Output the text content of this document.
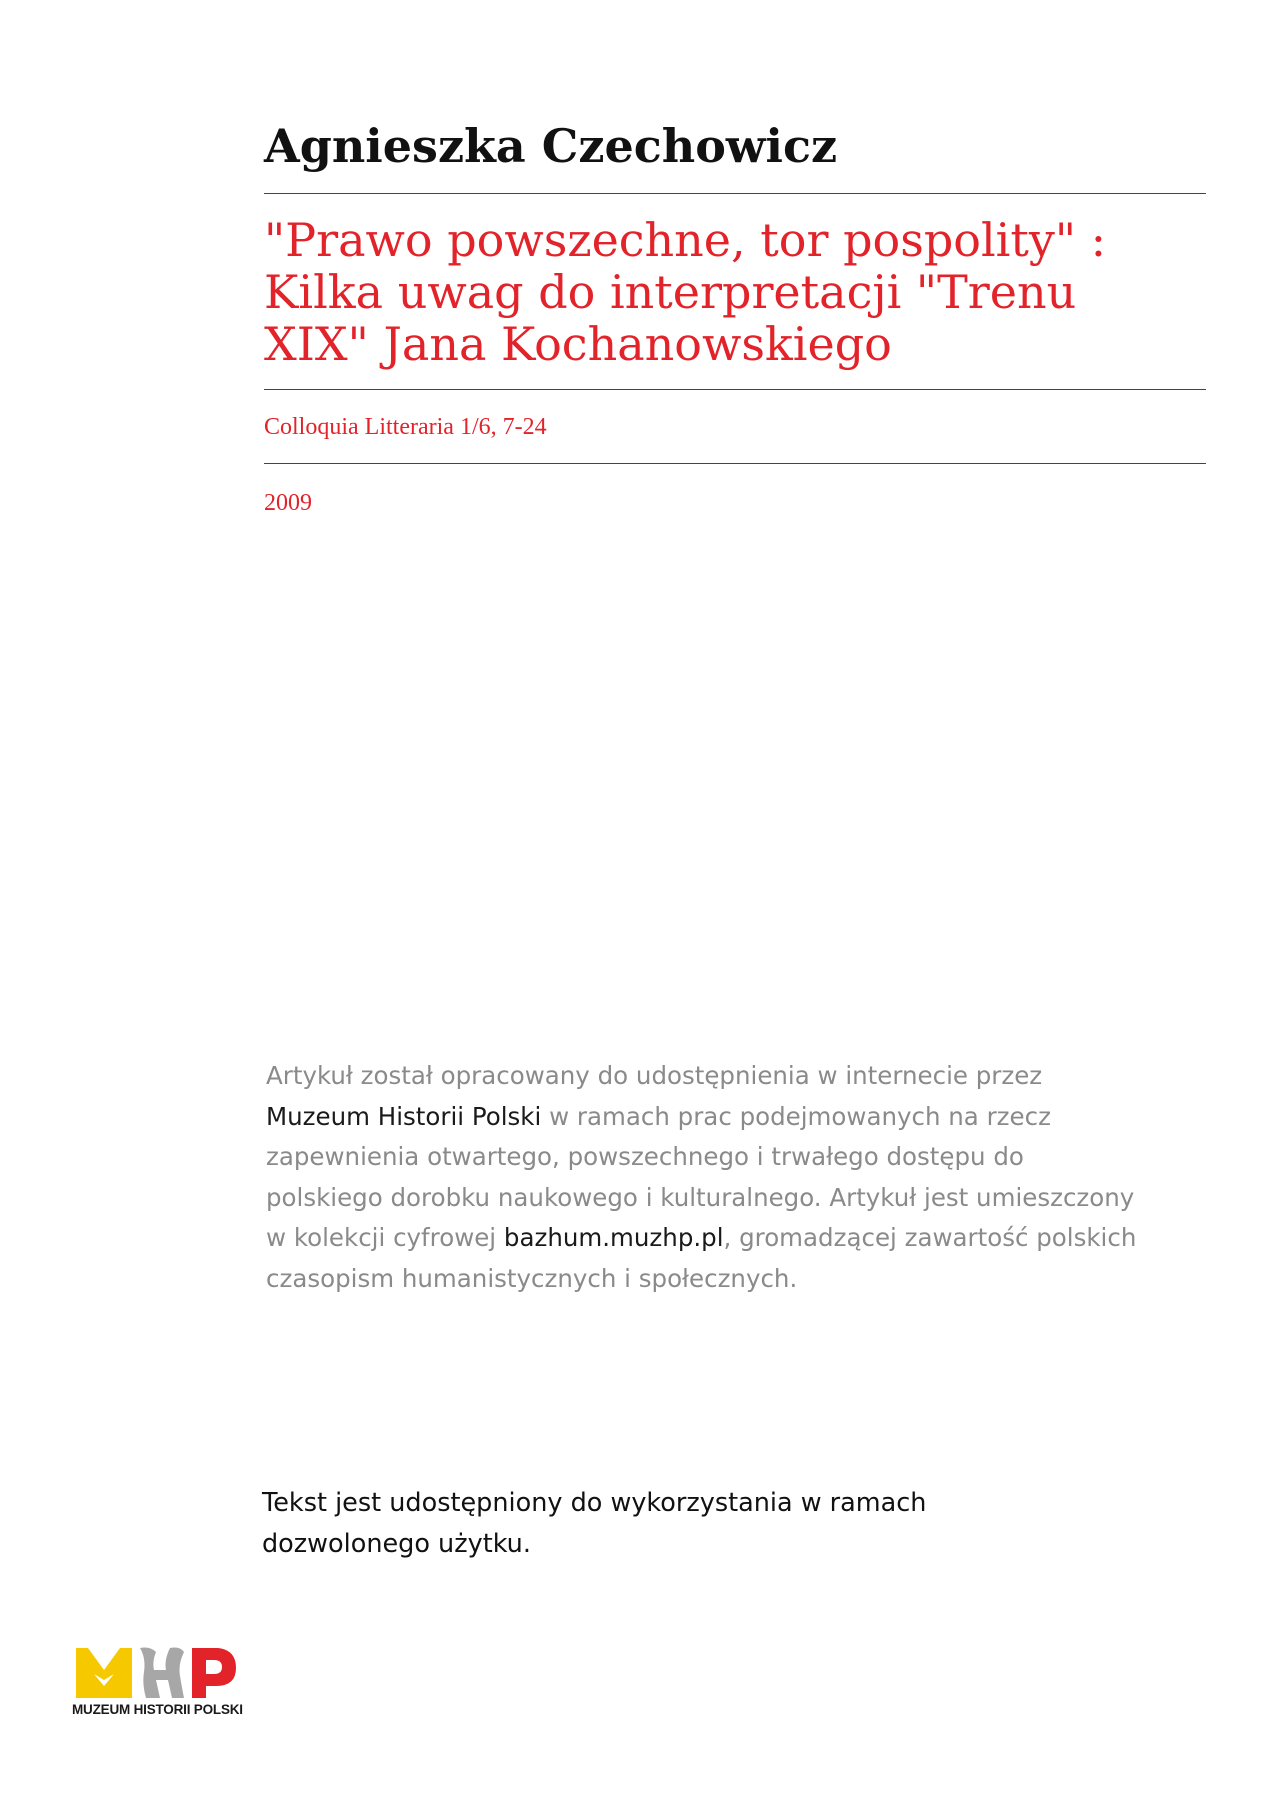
Agnieszka Czechowicz
"Prawo powszechne, tor pospolity" :
Kilka uwag do interpretacji "Trenu
XIX" Jana Kochanowskiego

Colloquia Litteraria 1/6, 7-24

2009

Artykuł został opracowany do udostępnienia w internecie przez
Muzeum Historii Polski w ramach prac podejmowanych na rzecz
zapewnienia otwartego, powszechnego i trwałego dostępu do
polskiego dorobku naukowego i kulturalnego. Artykuł jest umieszczony
w kolekcji cyfrowej bazhum.muzhp.pl, gromadzącej zawartość polskich
czasopism humanistycznych i społecznych.
Tekst jest udostępniony do wykorzystania w ramach
dozwolonego użytku.

MUZEUM HISTORII POLSKI
